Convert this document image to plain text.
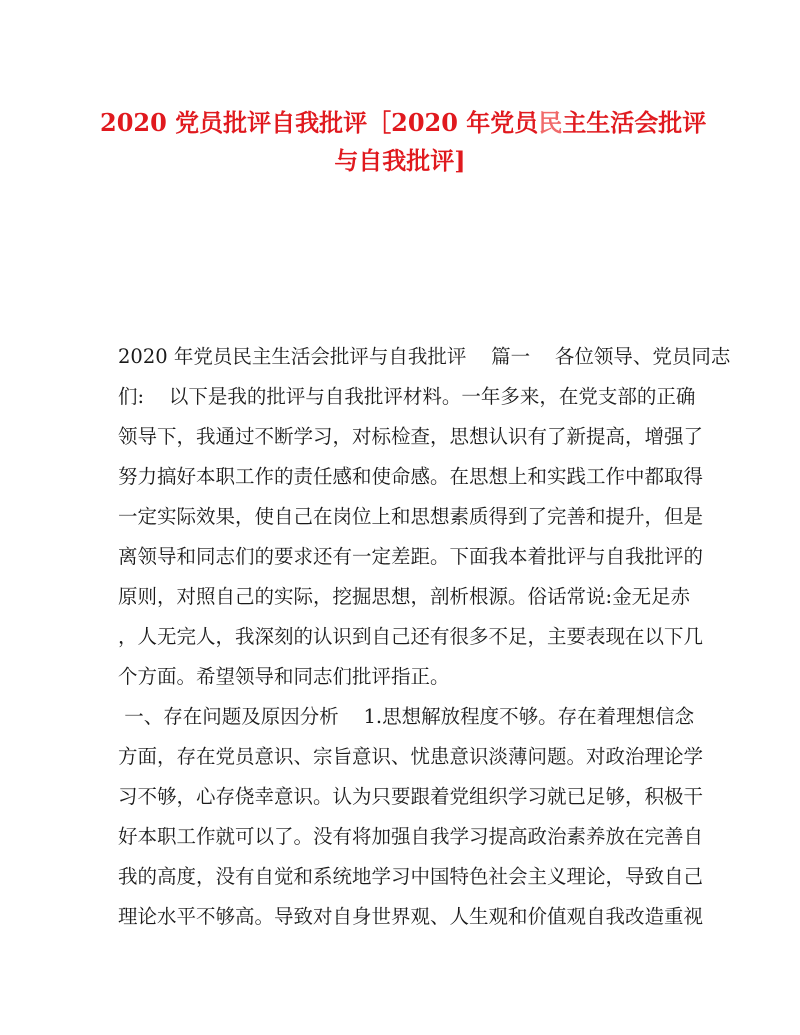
2020 党员批评自我批评［2020 年党员民主生活会批评
与自我批评]
2020 年党员民主生活会批评与自我批评    篇一    各位领导、党员同志
们:    以下是我的批评与自我批评材料。一年多来，在党支部的正确
领导下，我通过不断学习，对标检查，思想认识有了新提高，增强了
努力搞好本职工作的责任感和使命感。在思想上和实践工作中都取得
一定实际效果，使自己在岗位上和思想素质得到了完善和提升，但是
离领导和同志们的要求还有一定差距。下面我本着批评与自我批评的
原则，对照自己的实际，挖掘思想，剖析根源。俗话常说:金无足赤
，人无完人，我深刻的认识到自己还有很多不足，主要表现在以下几
个方面。希望领导和同志们批评指正。
一、存在问题及原因分析    1.思想解放程度不够。存在着理想信念
方面，存在党员意识、宗旨意识、忧患意识淡薄问题。对政治理论学
习不够，心存侥幸意识。认为只要跟着党组织学习就已足够，积极干
好本职工作就可以了。没有将加强自我学习提高政治素养放在完善自
我的高度，没有自觉和系统地学习中国特色社会主义理论，导致自己
理论水平不够高。导致对自身世界观、人生观和价值观自我改造重视
